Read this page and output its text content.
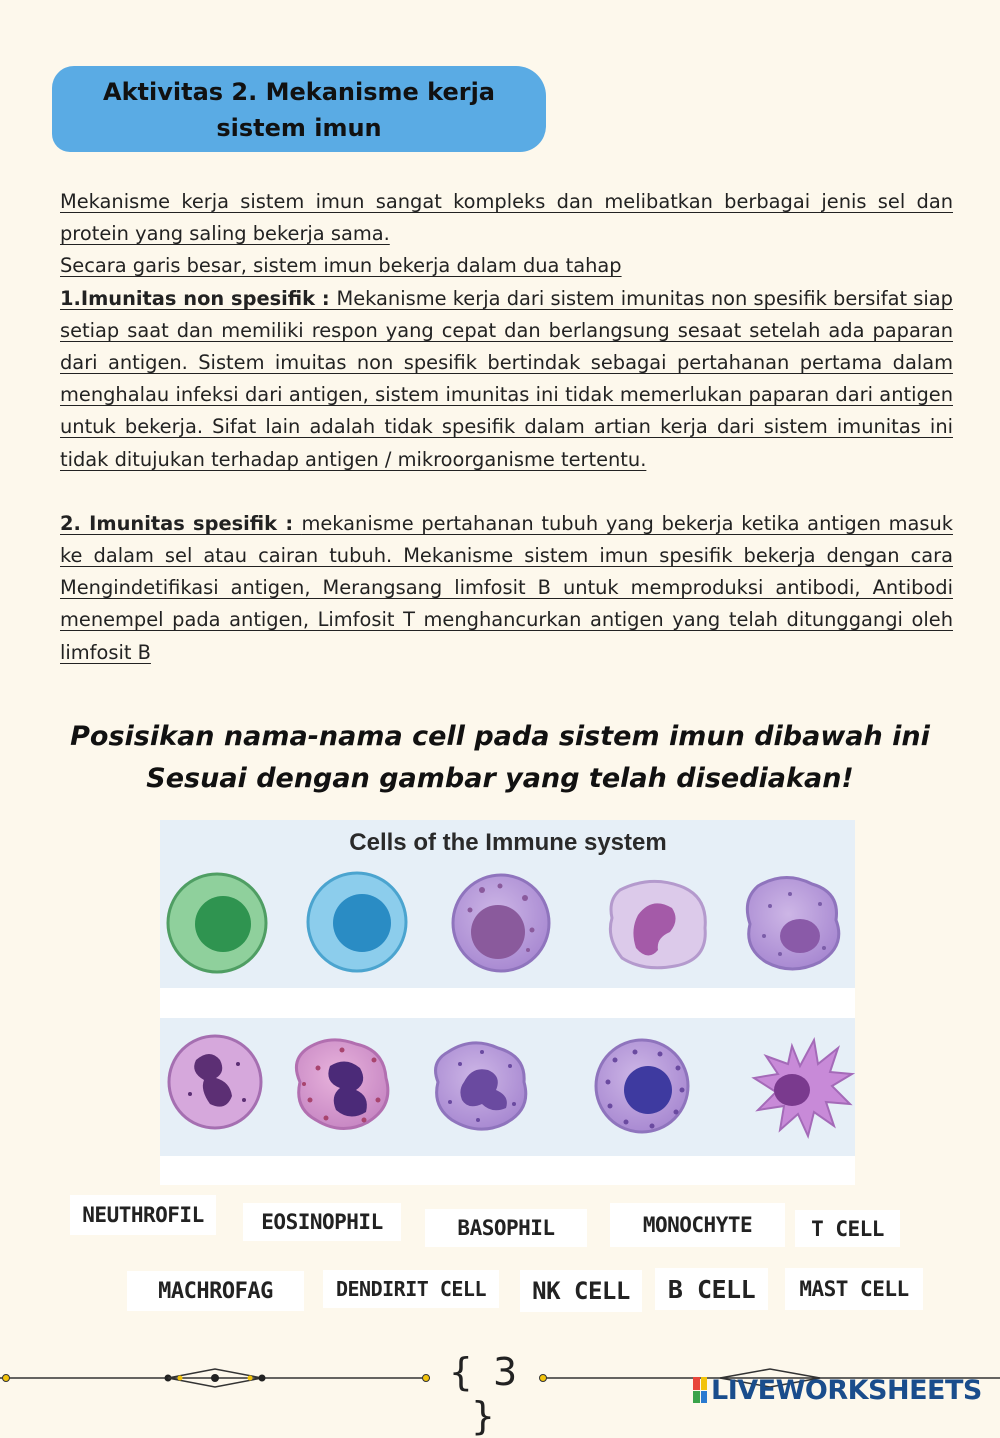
Aktivitas 2. Mekanisme kerja
sistem imun

Mekanisme kerja sistem imun sangat kompleks dan melibatkan berbagai jenis sel dan protein yang saling bekerja sama.

Secara garis besar, sistem imun bekerja dalam dua tahap

1.Imunitas non spesifik : Mekanisme kerja dari sistem imunitas non spesifik bersifat siap setiap saat dan memiliki respon yang cepat dan berlangsung sesaat setelah ada paparan dari antigen. Sistem imuitas non spesifik bertindak sebagai pertahanan pertama dalam menghalau infeksi dari antigen, sistem imunitas ini tidak memerlukan paparan dari antigen untuk bekerja. Sifat lain adalah tidak spesifik dalam artian kerja dari sistem imunitas ini tidak ditujukan terhadap antigen / mikroorganisme tertentu.

2. Imunitas spesifik : mekanisme pertahanan tubuh yang bekerja ketika antigen masuk ke dalam sel atau cairan tubuh. Mekanisme sistem imun spesifik bekerja dengan cara Mengindetifikasi antigen, Merangsang limfosit B untuk memproduksi antibodi, Antibodi menempel pada antigen, Limfosit T menghancurkan antigen yang telah ditunggangi oleh limfosit B

Posisikan nama-nama cell pada sistem imun dibawah ini
Sesuai dengan gambar yang telah disediakan!
Cells of the Immune system
NEUTHROFIL	EOSINOPHIL	BASOPHIL	MONOCHYTE	T CELL
MACHROFAG	DENDIRIT CELL	NK CELL	B CELL	MAST CELL
{ 3 }
LIVEWORKSHEETS
